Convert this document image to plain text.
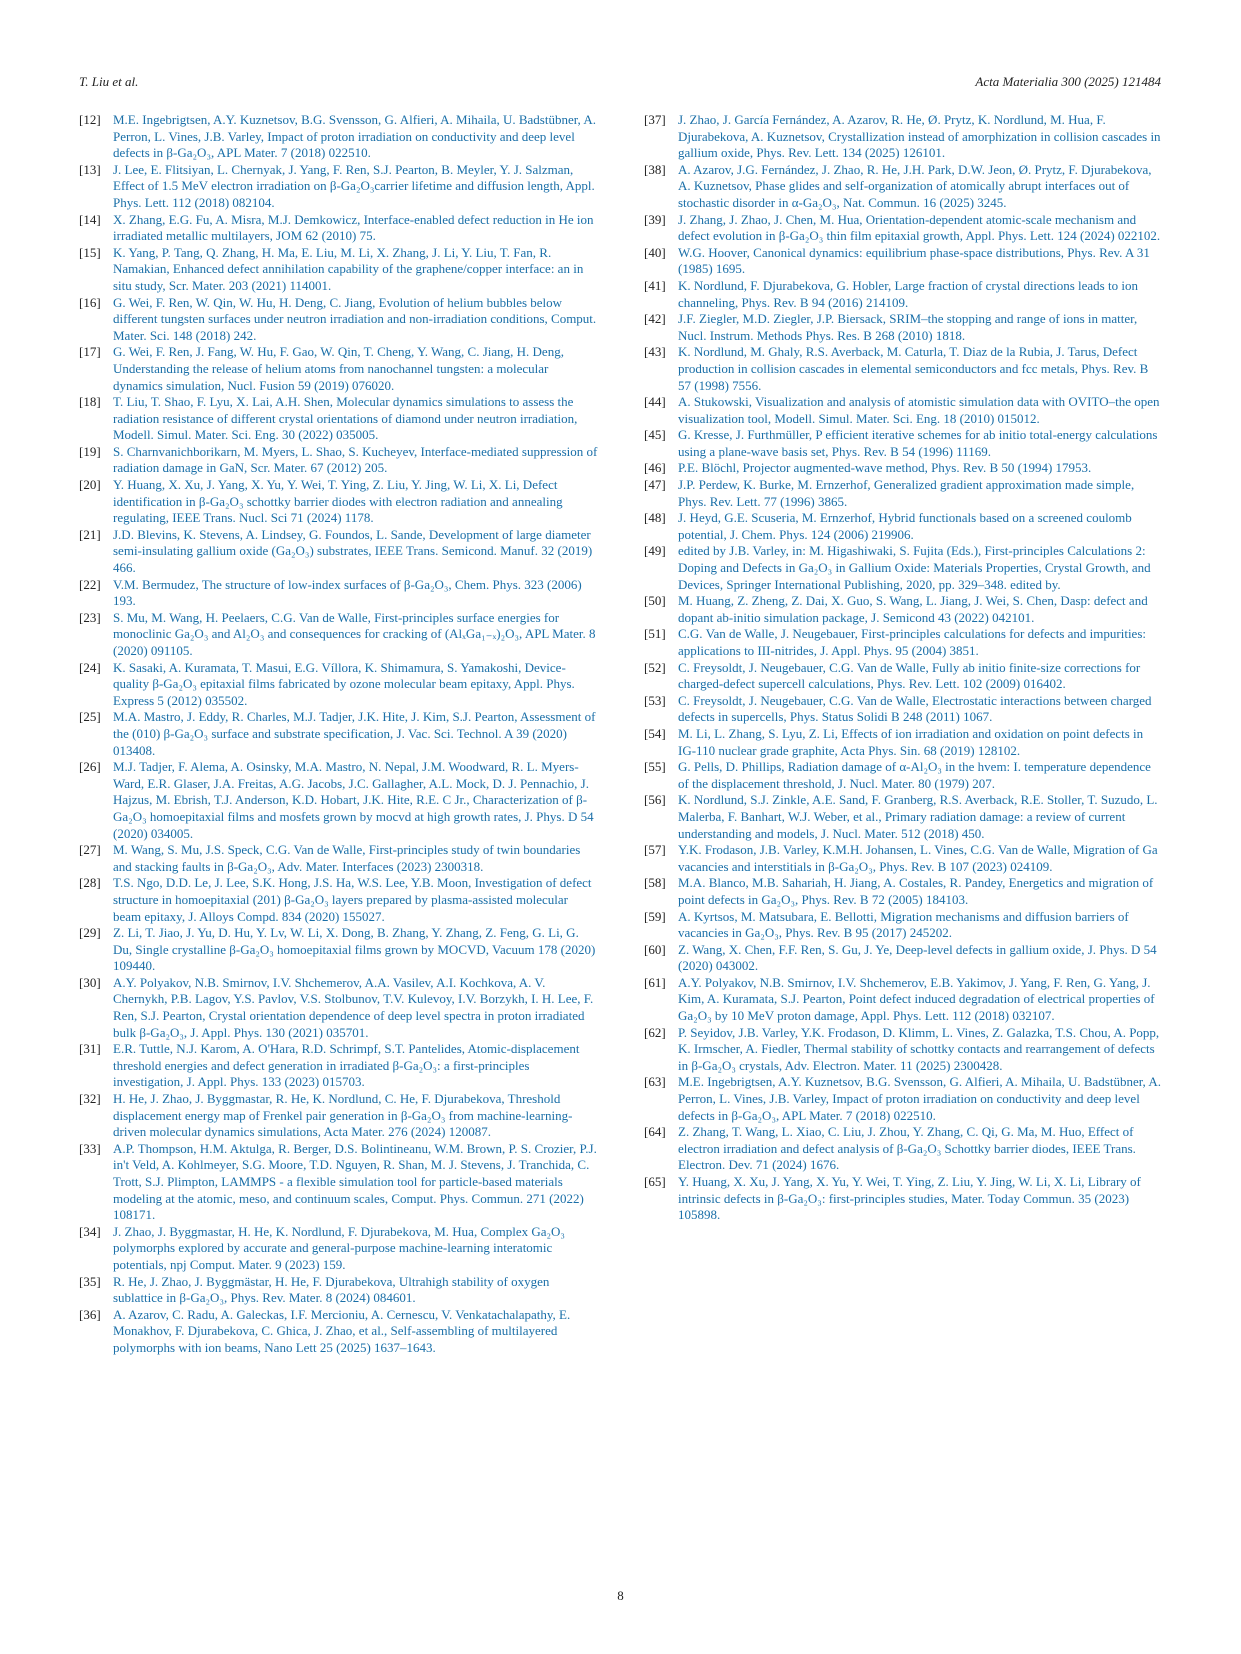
T. Liu et al.	Acta Materialia 300 (2025) 121484
[12] M.E. Ingebrigtsen, A.Y. Kuznetsov, B.G. Svensson, G. Alfieri, A. Mihaila, U. Badstübner, A. Perron, L. Vines, J.B. Varley, Impact of proton irradiation on conductivity and deep level defects in β-Ga₂O₃, APL Mater. 7 (2018) 022510.
[13] J. Lee, E. Flitsiyan, L. Chernyak, J. Yang, F. Ren, S.J. Pearton, B. Meyler, Y. J. Salzman, Effect of 1.5 MeV electron irradiation on β-Ga₂O₃carrier lifetime and diffusion length, Appl. Phys. Lett. 112 (2018) 082104.
[14] X. Zhang, E.G. Fu, A. Misra, M.J. Demkowicz, Interface-enabled defect reduction in He ion irradiated metallic multilayers, JOM 62 (2010) 75.
[15] K. Yang, P. Tang, Q. Zhang, H. Ma, E. Liu, M. Li, X. Zhang, J. Li, Y. Liu, T. Fan, R. Namakian, Enhanced defect annihilation capability of the graphene/copper interface: an in situ study, Scr. Mater. 203 (2021) 114001.
[16] G. Wei, F. Ren, W. Qin, W. Hu, H. Deng, C. Jiang, Evolution of helium bubbles below different tungsten surfaces under neutron irradiation and non-irradiation conditions, Comput. Mater. Sci. 148 (2018) 242.
[17] G. Wei, F. Ren, J. Fang, W. Hu, F. Gao, W. Qin, T. Cheng, Y. Wang, C. Jiang, H. Deng, Understanding the release of helium atoms from nanochannel tungsten: a molecular dynamics simulation, Nucl. Fusion 59 (2019) 076020.
[18] T. Liu, T. Shao, F. Lyu, X. Lai, A.H. Shen, Molecular dynamics simulations to assess the radiation resistance of different crystal orientations of diamond under neutron irradiation, Modell. Simul. Mater. Sci. Eng. 30 (2022) 035005.
[19] S. Charnvanichborikarn, M. Myers, L. Shao, S. Kucheyev, Interface-mediated suppression of radiation damage in GaN, Scr. Mater. 67 (2012) 205.
[20] Y. Huang, X. Xu, J. Yang, X. Yu, Y. Wei, T. Ying, Z. Liu, Y. Jing, W. Li, X. Li, Defect identification in β-Ga₂O₃ schottky barrier diodes with electron radiation and annealing regulating, IEEE Trans. Nucl. Sci 71 (2024) 1178.
[21] J.D. Blevins, K. Stevens, A. Lindsey, G. Foundos, L. Sande, Development of large diameter semi-insulating gallium oxide (Ga₂O₃) substrates, IEEE Trans. Semicond. Manuf. 32 (2019) 466.
[22] V.M. Bermudez, The structure of low-index surfaces of β-Ga₂O₃, Chem. Phys. 323 (2006) 193.
[23] S. Mu, M. Wang, H. Peelaers, C.G. Van de Walle, First-principles surface energies for monoclinic Ga₂O₃ and Al₂O₃ and consequences for cracking of (AlₓGa₁₋ₓ)₂O₃, APL Mater. 8 (2020) 091105.
[24] K. Sasaki, A. Kuramata, T. Masui, E.G. Víllora, K. Shimamura, S. Yamakoshi, Device-quality β-Ga₂O₃ epitaxial films fabricated by ozone molecular beam epitaxy, Appl. Phys. Express 5 (2012) 035502.
[25] M.A. Mastro, J. Eddy, R. Charles, M.J. Tadjer, J.K. Hite, J. Kim, S.J. Pearton, Assessment of the (010) β-Ga₂O₃ surface and substrate specification, J. Vac. Sci. Technol. A 39 (2020) 013408.
[26] M.J. Tadjer, F. Alema, A. Osinsky, M.A. Mastro, N. Nepal, J.M. Woodward, R. L. Myers-Ward, E.R. Glaser, J.A. Freitas, A.G. Jacobs, J.C. Gallagher, A.L. Mock, D. J. Pennachio, J. Hajzus, M. Ebrish, T.J. Anderson, K.D. Hobart, J.K. Hite, R.E. C Jr., Characterization of β-Ga₂O₃ homoepitaxial films and mosfets grown by mocvd at high growth rates, J. Phys. D 54 (2020) 034005.
[27] M. Wang, S. Mu, J.S. Speck, C.G. Van de Walle, First-principles study of twin boundaries and stacking faults in β-Ga₂O₃, Adv. Mater. Interfaces (2023) 2300318.
[28] T.S. Ngo, D.D. Le, J. Lee, S.K. Hong, J.S. Ha, W.S. Lee, Y.B. Moon, Investigation of defect structure in homoepitaxial (201) β-Ga₂O₃ layers prepared by plasma-assisted molecular beam epitaxy, J. Alloys Compd. 834 (2020) 155027.
[29] Z. Li, T. Jiao, J. Yu, D. Hu, Y. Lv, W. Li, X. Dong, B. Zhang, Y. Zhang, Z. Feng, G. Li, G. Du, Single crystalline β-Ga₂O₃ homoepitaxial films grown by MOCVD, Vacuum 178 (2020) 109440.
[30] A.Y. Polyakov, N.B. Smirnov, I.V. Shchemerov, A.A. Vasilev, A.I. Kochkova, A. V. Chernykh, P.B. Lagov, Y.S. Pavlov, V.S. Stolbunov, T.V. Kulevoy, I.V. Borzykh, I. H. Lee, F. Ren, S.J. Pearton, Crystal orientation dependence of deep level spectra in proton irradiated bulk β-Ga₂O₃, J. Appl. Phys. 130 (2021) 035701.
[31] E.R. Tuttle, N.J. Karom, A. O'Hara, R.D. Schrimpf, S.T. Pantelides, Atomic-displacement threshold energies and defect generation in irradiated β-Ga₂O₃: a first-principles investigation, J. Appl. Phys. 133 (2023) 015703.
[32] H. He, J. Zhao, J. Byggmastar, R. He, K. Nordlund, C. He, F. Djurabekova, Threshold displacement energy map of Frenkel pair generation in β-Ga₂O₃ from machine-learning-driven molecular dynamics simulations, Acta Mater. 276 (2024) 120087.
[33] A.P. Thompson, H.M. Aktulga, R. Berger, D.S. Bolintineanu, W.M. Brown, P. S. Crozier, P.J. in't Veld, A. Kohlmeyer, S.G. Moore, T.D. Nguyen, R. Shan, M. J. Stevens, J. Tranchida, C. Trott, S.J. Plimpton, LAMMPS - a flexible simulation tool for particle-based materials modeling at the atomic, meso, and continuum scales, Comput. Phys. Commun. 271 (2022) 108171.
[34] J. Zhao, J. Byggmastar, H. He, K. Nordlund, F. Djurabekova, M. Hua, Complex Ga₂O₃ polymorphs explored by accurate and general-purpose machine-learning interatomic potentials, npj Comput. Mater. 9 (2023) 159.
[35] R. He, J. Zhao, J. Byggmästar, H. He, F. Djurabekova, Ultrahigh stability of oxygen sublattice in β-Ga₂O₃, Phys. Rev. Mater. 8 (2024) 084601.
[36] A. Azarov, C. Radu, A. Galeckas, I.F. Mercioniu, A. Cernescu, V. Venkatachalapathy, E. Monakhov, F. Djurabekova, C. Ghica, J. Zhao, et al., Self-assembling of multilayered polymorphs with ion beams, Nano Lett 25 (2025) 1637–1643.
[37] J. Zhao, J. García Fernández, A. Azarov, R. He, Ø. Prytz, K. Nordlund, M. Hua, F. Djurabekova, A. Kuznetsov, Crystallization instead of amorphization in collision cascades in gallium oxide, Phys. Rev. Lett. 134 (2025) 126101.
[38] A. Azarov, J.G. Fernández, J. Zhao, R. He, J.H. Park, D.W. Jeon, Ø. Prytz, F. Djurabekova, A. Kuznetsov, Phase glides and self-organization of atomically abrupt interfaces out of stochastic disorder in α-Ga₂O₃, Nat. Commun. 16 (2025) 3245.
[39] J. Zhang, J. Zhao, J. Chen, M. Hua, Orientation-dependent atomic-scale mechanism and defect evolution in β-Ga₂O₃ thin film epitaxial growth, Appl. Phys. Lett. 124 (2024) 022102.
[40] W.G. Hoover, Canonical dynamics: equilibrium phase-space distributions, Phys. Rev. A 31 (1985) 1695.
[41] K. Nordlund, F. Djurabekova, G. Hobler, Large fraction of crystal directions leads to ion channeling, Phys. Rev. B 94 (2016) 214109.
[42] J.F. Ziegler, M.D. Ziegler, J.P. Biersack, SRIM–the stopping and range of ions in matter, Nucl. Instrum. Methods Phys. Res. B 268 (2010) 1818.
[43] K. Nordlund, M. Ghaly, R.S. Averback, M. Caturla, T. Diaz de la Rubia, J. Tarus, Defect production in collision cascades in elemental semiconductors and fcc metals, Phys. Rev. B 57 (1998) 7556.
[44] A. Stukowski, Visualization and analysis of atomistic simulation data with OVITO–the open visualization tool, Modell. Simul. Mater. Sci. Eng. 18 (2010) 015012.
[45] G. Kresse, J. Furthmüller, P efficient iterative schemes for ab initio total-energy calculations using a plane-wave basis set, Phys. Rev. B 54 (1996) 11169.
[46] P.E. Blöchl, Projector augmented-wave method, Phys. Rev. B 50 (1994) 17953.
[47] J.P. Perdew, K. Burke, M. Ernzerhof, Generalized gradient approximation made simple, Phys. Rev. Lett. 77 (1996) 3865.
[48] J. Heyd, G.E. Scuseria, M. Ernzerhof, Hybrid functionals based on a screened coulomb potential, J. Chem. Phys. 124 (2006) 219906.
[49] edited by J.B. Varley, in: M. Higashiwaki, S. Fujita (Eds.), First-principles Calculations 2: Doping and Defects in Ga₂O₃ in Gallium Oxide: Materials Properties, Crystal Growth, and Devices, Springer International Publishing, 2020, pp. 329–348. edited by.
[50] M. Huang, Z. Zheng, Z. Dai, X. Guo, S. Wang, L. Jiang, J. Wei, S. Chen, Dasp: defect and dopant ab-initio simulation package, J. Semicond 43 (2022) 042101.
[51] C.G. Van de Walle, J. Neugebauer, First-principles calculations for defects and impurities: applications to III-nitrides, J. Appl. Phys. 95 (2004) 3851.
[52] C. Freysoldt, J. Neugebauer, C.G. Van de Walle, Fully ab initio finite-size corrections for charged-defect supercell calculations, Phys. Rev. Lett. 102 (2009) 016402.
[53] C. Freysoldt, J. Neugebauer, C.G. Van de Walle, Electrostatic interactions between charged defects in supercells, Phys. Status Solidi B 248 (2011) 1067.
[54] M. Li, L. Zhang, S. Lyu, Z. Li, Effects of ion irradiation and oxidation on point defects in IG-110 nuclear grade graphite, Acta Phys. Sin. 68 (2019) 128102.
[55] G. Pells, D. Phillips, Radiation damage of α-Al₂O₃ in the hvem: I. temperature dependence of the displacement threshold, J. Nucl. Mater. 80 (1979) 207.
[56] K. Nordlund, S.J. Zinkle, A.E. Sand, F. Granberg, R.S. Averback, R.E. Stoller, T. Suzudo, L. Malerba, F. Banhart, W.J. Weber, et al., Primary radiation damage: a review of current understanding and models, J. Nucl. Mater. 512 (2018) 450.
[57] Y.K. Frodason, J.B. Varley, K.M.H. Johansen, L. Vines, C.G. Van de Walle, Migration of Ga vacancies and interstitials in β-Ga₂O₃, Phys. Rev. B 107 (2023) 024109.
[58] M.A. Blanco, M.B. Sahariah, H. Jiang, A. Costales, R. Pandey, Energetics and migration of point defects in Ga₂O₃, Phys. Rev. B 72 (2005) 184103.
[59] A. Kyrtsos, M. Matsubara, E. Bellotti, Migration mechanisms and diffusion barriers of vacancies in Ga₂O₃, Phys. Rev. B 95 (2017) 245202.
[60] Z. Wang, X. Chen, F.F. Ren, S. Gu, J. Ye, Deep-level defects in gallium oxide, J. Phys. D 54 (2020) 043002.
[61] A.Y. Polyakov, N.B. Smirnov, I.V. Shchemerov, E.B. Yakimov, J. Yang, F. Ren, G. Yang, J. Kim, A. Kuramata, S.J. Pearton, Point defect induced degradation of electrical properties of Ga₂O₃ by 10 MeV proton damage, Appl. Phys. Lett. 112 (2018) 032107.
[62] P. Seyidov, J.B. Varley, Y.K. Frodason, D. Klimm, L. Vines, Z. Galazka, T.S. Chou, A. Popp, K. Irmscher, A. Fiedler, Thermal stability of schottky contacts and rearrangement of defects in β-Ga₂O₃ crystals, Adv. Electron. Mater. 11 (2025) 2300428.
[63] M.E. Ingebrigtsen, A.Y. Kuznetsov, B.G. Svensson, G. Alfieri, A. Mihaila, U. Badstübner, A. Perron, L. Vines, J.B. Varley, Impact of proton irradiation on conductivity and deep level defects in β-Ga₂O₃, APL Mater. 7 (2018) 022510.
[64] Z. Zhang, T. Wang, L. Xiao, C. Liu, J. Zhou, Y. Zhang, C. Qi, G. Ma, M. Huo, Effect of electron irradiation and defect analysis of β-Ga₂O₃ Schottky barrier diodes, IEEE Trans. Electron. Dev. 71 (2024) 1676.
[65] Y. Huang, X. Xu, J. Yang, X. Yu, Y. Wei, T. Ying, Z. Liu, Y. Jing, W. Li, X. Li, Library of intrinsic defects in β-Ga₂O₃: first-principles studies, Mater. Today Commun. 35 (2023) 105898.
8
